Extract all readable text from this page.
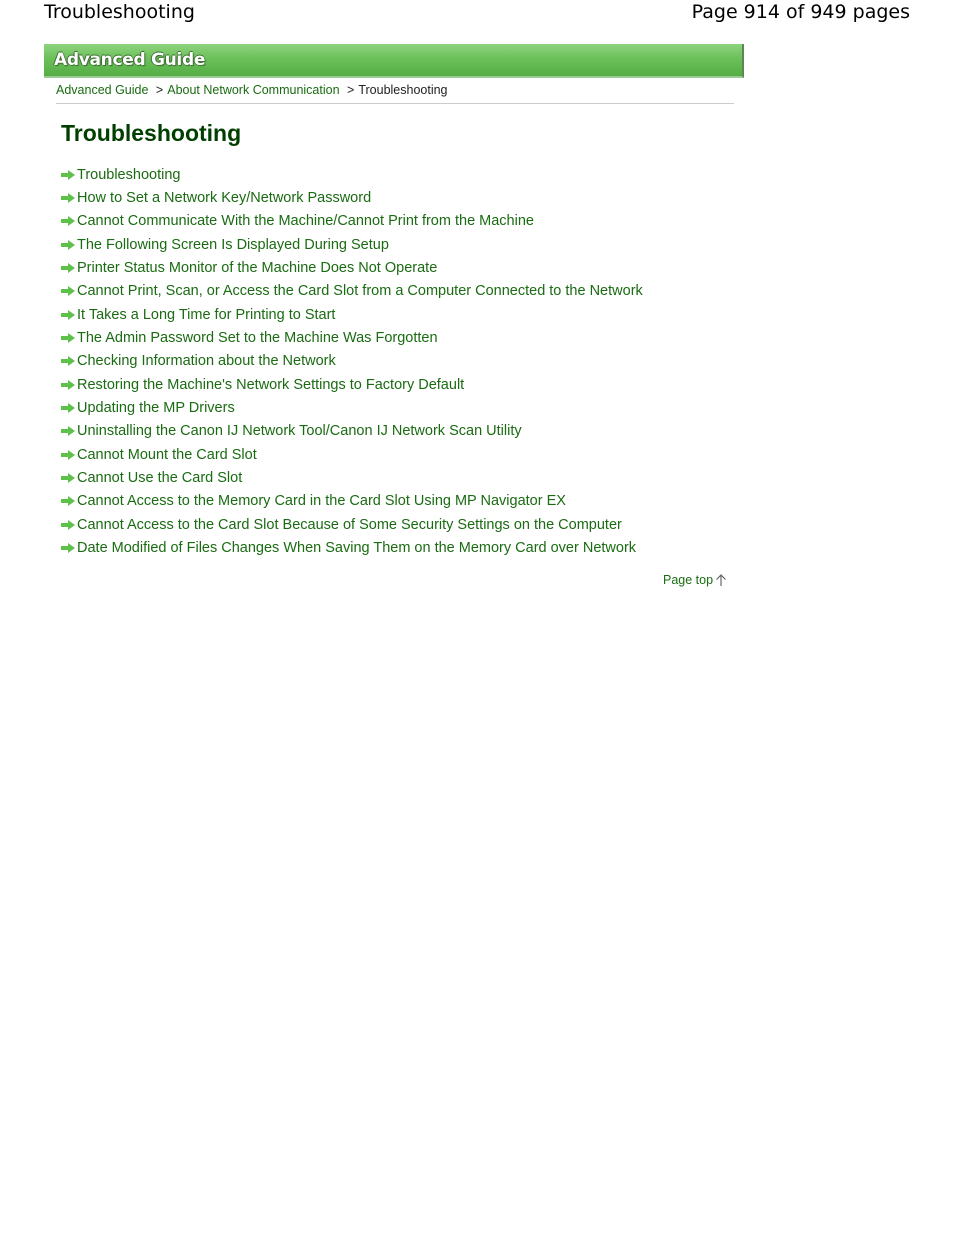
Troubleshooting	Page 914 of 949 pages
Advanced Guide
Advanced Guide > About Network Communication > Troubleshooting
Troubleshooting
Troubleshooting
How to Set a Network Key/Network Password
Cannot Communicate With the Machine/Cannot Print from the Machine
The Following Screen Is Displayed During Setup
Printer Status Monitor of the Machine Does Not Operate
Cannot Print, Scan, or Access the Card Slot from a Computer Connected to the Network
It Takes a Long Time for Printing to Start
The Admin Password Set to the Machine Was Forgotten
Checking Information about the Network
Restoring the Machine's Network Settings to Factory Default
Updating the MP Drivers
Uninstalling the Canon IJ Network Tool/Canon IJ Network Scan Utility
Cannot Mount the Card Slot
Cannot Use the Card Slot
Cannot Access to the Memory Card in the Card Slot Using MP Navigator EX
Cannot Access to the Card Slot Because of Some Security Settings on the Computer
Date Modified of Files Changes When Saving Them on the Memory Card over Network
Page top
